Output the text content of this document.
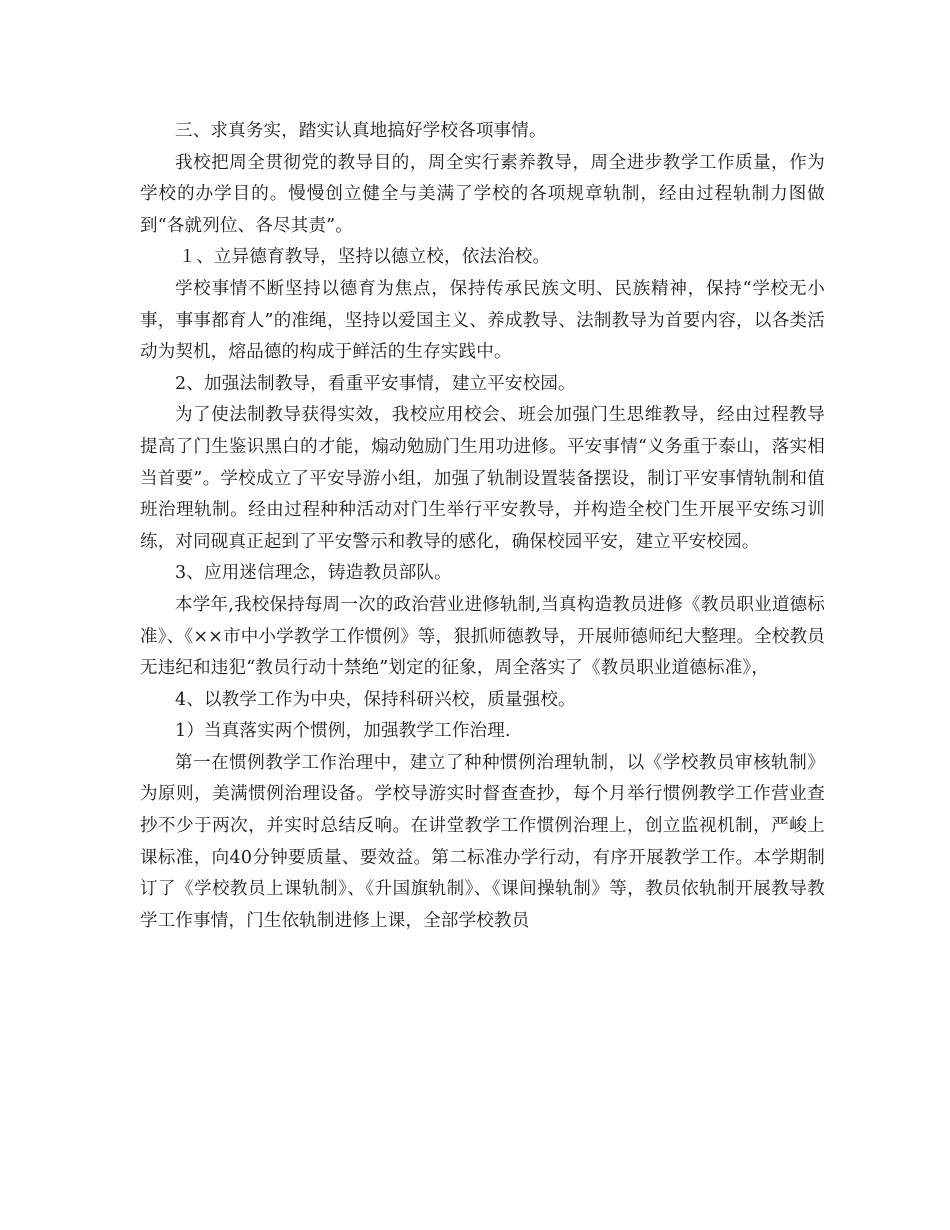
三、求真务实，踏实认真地搞好学校各项事情。

我校把周全贯彻党的教导目的，周全实行素养教导，周全进步教学工作质量，作为学校的办学目的。慢慢创立健全与美满了学校的各项规章轨制，经由过程轨制力图做到“各就列位、各尽其责”。

１、立异德育教导，坚持以德立校，依法治校。

学校事情不断坚持以德育为焦点，保持传承民族文明、民族精神，保持“学校无小事，事事都育人”的准绳，坚持以爱国主义、养成教导、法制教导为首要内容，以各类活动为契机，熔品德的构成于鲜活的生存实践中。

2、加强法制教导，看重平安事情，建立平安校园。

为了使法制教导获得实效，我校应用校会、班会加强门生思维教导，经由过程教导提高了门生鉴识黑白的才能，煽动勉励门生用功进修。平安事情“义务重于泰山，落实相当首要”。学校成立了平安导游小组，加强了轨制设置装备摆设，制订平安事情轨制和值班治理轨制。经由过程种种活动对门生举行平安教导，并构造全校门生开展平安练习训练，对同砚真正起到了平安警示和教导的感化，确保校园平安，建立平安校园。

3、应用迷信理念，铸造教员部队。

本学年,我校保持每周一次的政治营业进修轨制,当真构造教员进修《教员职业道德标准》、《××市中小学教学工作惯例》等，狠抓师德教导，开展师德师纪大整理。全校教员无违纪和违犯“教员行动十禁绝”划定的征象，周全落实了《教员职业道德标准》，

4、以教学工作为中央，保持科研兴校，质量强校。

1）当真落实两个惯例，加强教学工作治理.

第一在惯例教学工作治理中，建立了种种惯例治理轨制，以《学校教员审核轨制》为原则，美满惯例治理设备。学校导游实时督查查抄，每个月举行惯例教学工作营业查抄不少于两次，并实时总结反响。在讲堂教学工作惯例治理上，创立监视机制，严峻上课标准，向40分钟要质量、要效益。第二标准办学行动，有序开展教学工作。本学期制订了《学校教员上课轨制》、《升国旗轨制》、《课间操轨制》等，教员依轨制开展教导教学工作事情，门生依轨制进修上课，全部学校教员
